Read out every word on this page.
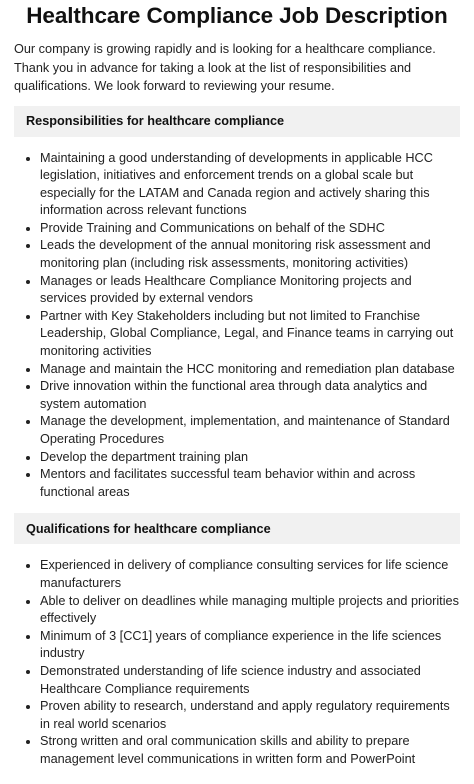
Healthcare Compliance Job Description

Our company is growing rapidly and is looking for a healthcare compliance. Thank you in advance for taking a look at the list of responsibilities and qualifications. We look forward to reviewing your resume.

Responsibilities for healthcare compliance
• Maintaining a good understanding of developments in applicable HCC legislation, initiatives and enforcement trends on a global scale but especially for the LATAM and Canada region and actively sharing this information across relevant functions
• Provide Training and Communications on behalf of the SDHC
• Leads the development of the annual monitoring risk assessment and monitoring plan (including risk assessments, monitoring activities)
• Manages or leads Healthcare Compliance Monitoring projects and services provided by external vendors
• Partner with Key Stakeholders including but not limited to Franchise Leadership, Global Compliance, Legal, and Finance teams in carrying out monitoring activities
• Manage and maintain the HCC monitoring and remediation plan database
• Drive innovation within the functional area through data analytics and system automation
• Manage the development, implementation, and maintenance of Standard Operating Procedures
• Develop the department training plan
• Mentors and facilitates successful team behavior within and across functional areas
Qualifications for healthcare compliance
• Experienced in delivery of compliance consulting services for life science manufacturers
• Able to deliver on deadlines while managing multiple projects and priorities effectively
• Minimum of 3 [CC1] years of compliance experience in the life sciences industry
• Demonstrated understanding of life science industry and associated Healthcare Compliance requirements
• Proven ability to research, understand and apply regulatory requirements in real world scenarios
• Strong written and oral communication skills and ability to prepare management level communications in written form and PowerPoint
